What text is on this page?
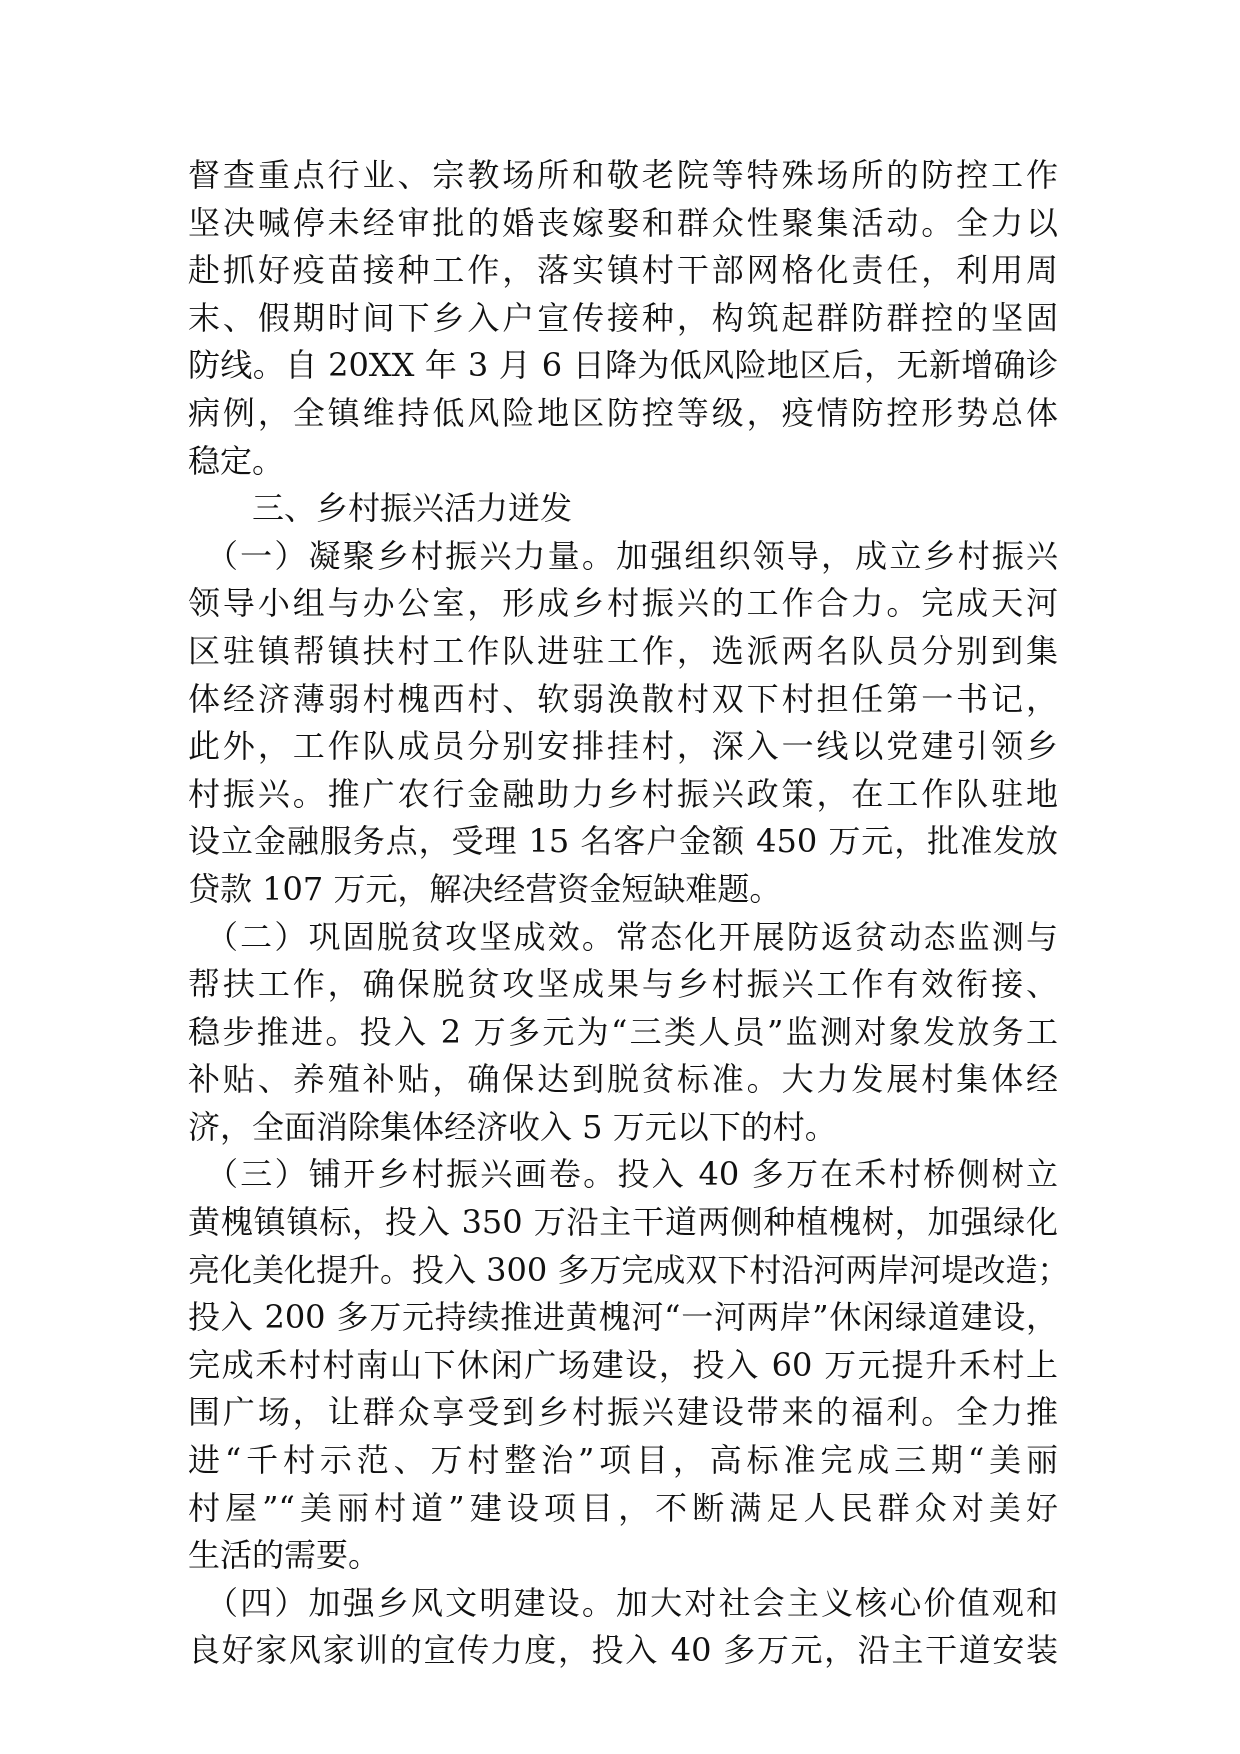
督查重点行业、宗教场所和敬老院等特殊场所的防控工作
坚决喊停未经审批的婚丧嫁娶和群众性聚集活动。全力以
赴抓好疫苗接种工作，落实镇村干部网格化责任，利用周
末、假期时间下乡入户宣传接种，构筑起群防群控的坚固
防线。自 20XX 年 3 月 6 日降为低风险地区后，无新增确诊
病例，全镇维持低风险地区防控等级，疫情防控形势总体
稳定。
三、乡村振兴活力迸发
（一）凝聚乡村振兴力量。加强组织领导，成立乡村振兴
领导小组与办公室，形成乡村振兴的工作合力。完成天河
区驻镇帮镇扶村工作队进驻工作，选派两名队员分别到集
体经济薄弱村槐西村、软弱涣散村双下村担任第一书记，
此外，工作队成员分别安排挂村，深入一线以党建引领乡
村振兴。推广农行金融助力乡村振兴政策，在工作队驻地
设立金融服务点，受理 15 名客户金额 450 万元，批准发放
贷款 107 万元，解决经营资金短缺难题。
（二）巩固脱贫攻坚成效。常态化开展防返贫动态监测与
帮扶工作，确保脱贫攻坚成果与乡村振兴工作有效衔接、
稳步推进。投入 2 万多元为“三类人员”监测对象发放务工
补贴、养殖补贴，确保达到脱贫标准。大力发展村集体经
济，全面消除集体经济收入 5 万元以下的村。
（三）铺开乡村振兴画卷。投入 40 多万在禾村桥侧树立
黄槐镇镇标，投入 350 万沿主干道两侧种植槐树，加强绿化
亮化美化提升。投入 300 多万完成双下村沿河两岸河堤改造；
投入 200 多万元持续推进黄槐河“一河两岸”休闲绿道建设，
完成禾村村南山下休闲广场建设，投入 60 万元提升禾村上
围广场，让群众享受到乡村振兴建设带来的福利。全力推
进“千村示范、万村整治”项目，高标准完成三期“美丽
村屋”“美丽村道”建设项目，不断满足人民群众对美好
生活的需要。
（四）加强乡风文明建设。加大对社会主义核心价值观和
良好家风家训的宣传力度，投入 40 多万元，沿主干道安装
